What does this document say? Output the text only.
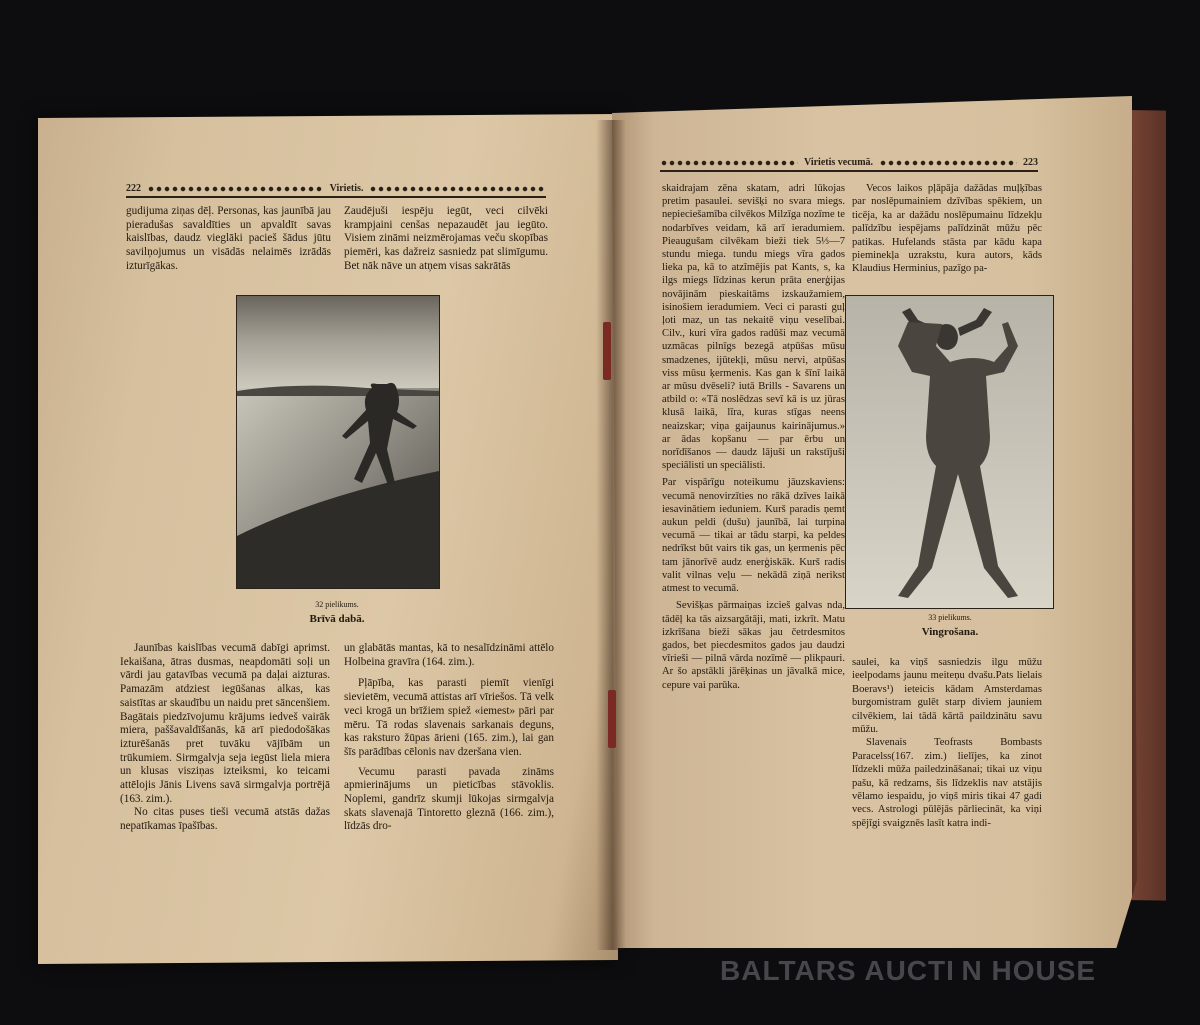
222	Virietis.

gudijuma ziņas dēļ. Personas, kas jaunībā jau pieradušas savaldīties un apvaldīt savas kaislības, daudz vieglāki pacieš šādus jūtu savilņojumus un visādās nelaimēs izrādās izturīgākas.

Zaudējuši iespēju iegūt, veci cilvēki krampjaini cenšas nepazaudēt jau iegūto. Visiem zināmi neizmērojamas veču skopības piemēri, kas dažreiz sasniedz pat slimīgumu. Bet nāk nāve un atņem visas sakrātās

32 pielikums.
Brīvā dabā.

Jaunības kaislības vecumā dabīgi aprimst. Iekaišana, ātras dusmas, neapdomāti soļi un vārdi jau gatavības vecumā pa daļai aizturas. Pamazām atdziest iegūšanas alkas, kas saistītas ar skaudību un naidu pret sāncenšiem. Bagātais piedzīvojumu krājums iedveš vairāk miera, paššavaldīšanās, kā arī piedodošākas izturēšanās pret tuvāku vājībām un trūkumiem. Sirmgalvja seja iegūst liela miera un klusas visziņas izteiksmi, ko teicami attēlojis Jānis Livens savā sirmgalvja portrējā (163. zim.).

No citas puses tieši vecumā atstās dažas nepatīkamas īpašības.

un glabātās mantas, kā to nesalīdzināmi attēlo Holbeina gravīra (164. zim.).

Pļāpība, kas parasti piemīt vienīgi sievietēm, vecumā attistas arī vīriešos. Tā velk veci krogā un brīžiem spiež «iemest» pāri par mēru. Tā rodas slavenais sarkanais deguns, kas raksturo žūpas ārieni (165. zim.), lai gan šīs parādības cēlonis nav dzeršana vien.

Vecumu parasti pavada zināms apmierinājums un pieticības stāvoklis. Noplemi, gandrīz skumji lūkojas sirmgalvja skats slavenajā Tintoretto gleznā (166. zim.), līdzās dro-

Virietis vecumā.	223

skaidrajam zēna skatam, adri lūkojas pretim pasaulei. sevišķi no svara miegs. nepieciešamība cilvēkos Milzīga nozīme te nodarbīves veidam, kā arī ieradumiem. Pieaugušam cilvēkam bieži tiek 5⅓—7 stundu miega. tundu miegs vīra gados lieka pa, kā to atzīmējis pat Kants, s, ka ilgs miegs līdzinas kerun prāta enerģijas novājinām pieskaitāms izskaužamiem, isinošiem ieradumiem. Veci ci parasti guļ ļoti maz, un tas nekaitē viņu veselībai. Cilv., kuri vīra gados radūši maz vecumā uzmācas pilnīgs bezegā atpūšas mūsu smadzenes, ijūtekļi, mūsu nervi, atpūšas viss mūsu ķermenis. Kas gan k šīnī laikā ar mūsu dvēseli? iutā Brills - Savarens un atbild o: «Tā noslēdzas sevī kā is uz jūras klusā laikā, līra, kuras stīgas neens neaizskar; viņa gaijaunus kairinājumus.» ar ādas kopšanu — par ērbu un norīdīšanos — daudz lājuši un rakstījuši speciālisti un speciālisti.

Par vispārīgu noteikumu jāuzskaviens: vecumā nenovirzīties no rākā dzīves laikā iesavinātiem ieduniem. Kurš paradis ņemt aukun peldi (dušu) jaunībā, lai turpina vecumā — tikai ar tādu starpi, ka peldes nedrīkst būt vairs tik gas, un ķermenis pēc tam jānorīvē audz enerģiskāk. Kurš radis valit vilnas veļu — nekādā ziņā nerikst atmest to vecumā.

Sevišķas pārmaiņas izcieš galvas nda, tādēļ ka tās aizsargātāji, mati, izkrīt. Matu izkrīšana bieži sākas jau četrdesmitos gados, bet piecdesmitos gados jau daudzi vīrieši — pilnā vārda nozīmē — plikpauri. Ar šo apstākli jārēķinas un jāvalkā mice, cepure vai parūka.

Vecos laikos pļāpāja dažādas muļķības par noslēpumainiem dzīvības spēkiem, un ticēja, ka ar dažādu noslēpumainu līdzekļu palīdzību iespējams palīdzināt mūžu pēc patikas. Hufelands stāsta par kādu kapa pieminekļa uzrakstu, kura autors, kāds Klaudius Herminius, pazīgo pa-

33 pielikums.
Vingrošana.

saulei, ka viņš sasniedzis ilgu mūžu ieelpodams jaunu meiteņu dvašu.Pats lielais Boeravs¹) ieteicis kādam Amsterdamas burgomistram gulēt starp diviem jauniem cilvēkiem, lai tādā kārtā paildzinātu savu mūžu.

Slavenais Teofrasts Bombasts Paracelss(167. zim.) lielījes, ka zinot līdzekli mūža pailedzināšanai; tikai uz viņu pašu, kā redzams, šis līdzeklis nav atstājis vēlamo iespaidu, jo viņš miris tikai 47 gadi vecs. Astrologi pūlējās pārliecināt, ka viņi spējīgi svaigznēs lasīt katra indi-

BALTARS AUCTI N HOUSE
